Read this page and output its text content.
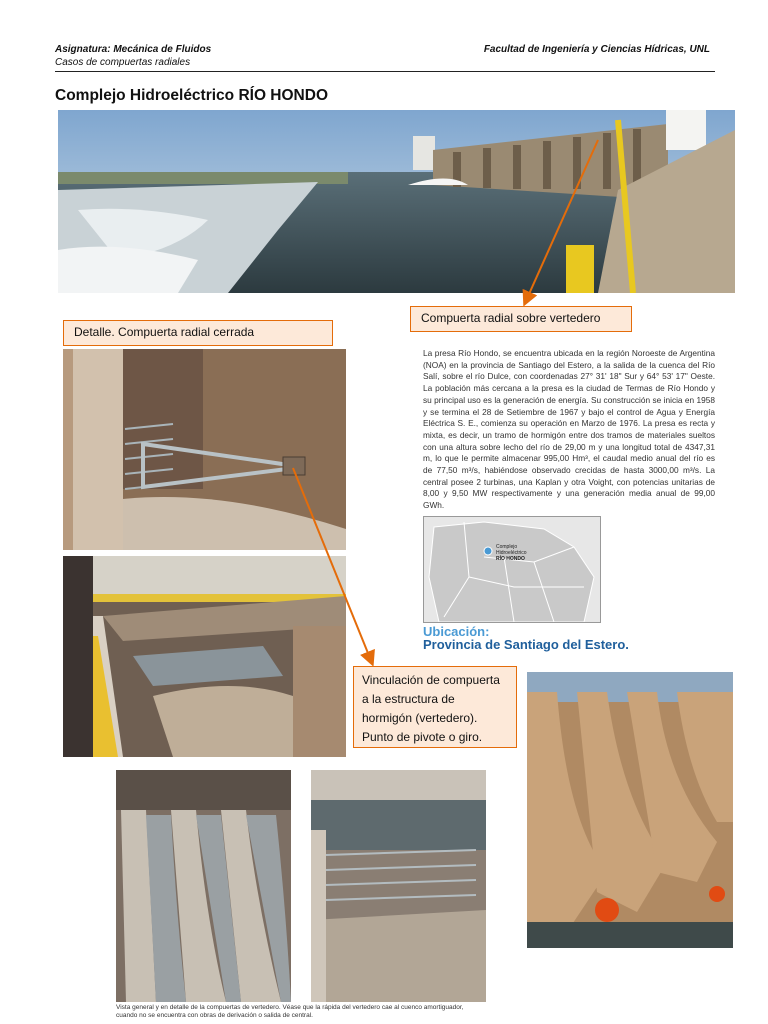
Asignatura: Mecánica de Fluidos
Casos de compuertas radiales
Facultad de Ingeniería y Ciencias Hídricas, UNL
Complejo Hidroeléctrico RÍO HONDO
Compuerta radial sobre vertedero
Detalle. Compuerta radial cerrada
Vinculación de compuerta a la estructura de hormigón (vertedero). Punto de pivote o giro.
La presa Río Hondo, se encuentra ubicada en la región Noroeste de Argentina (NOA) en la provincia de Santiago del Estero, a la salida de la cuenca del Río Salí, sobre el río Dulce, con coordenadas 27° 31' 18" Sur y 64° 53' 17" Oeste. La población más cercana a la presa es la ciudad de Termas de Río Hondo y su principal uso es la generación de energía. Su construcción se inicia en 1958 y se termina el 28 de Setiembre de 1967 y bajo el control de Agua y Energía Eléctrica S. E., comienza su operación en Marzo de 1976. La presa es recta y mixta, es decir, un tramo de hormigón entre dos tramos de materiales sueltos con una altura sobre lecho del río de 29,00 m y una longitud total de 4347,31 m, lo que le permite almacenar 995,00 Hm³, el caudal medio anual del río es de 77,50 m³/s, habiéndose observado crecidas de hasta 3000,00 m³/s. La central posee 2 turbinas, una Kaplan y otra Voight, con potencias unitarias de 8,00 y 9,50 MW respectivamente y una generación media anual de 99,00 GWh.
Complejo
Hidroeléctrico
RÍO HONDO
Ubicación:
Provincia de Santiago del Estero.
Vista general y en detalle de la compuertas de vertedero. Véase que la rápida del vertedero cae al cuenco amortiguador, cuando no se encuentra con obras de derivación o salida de central.
